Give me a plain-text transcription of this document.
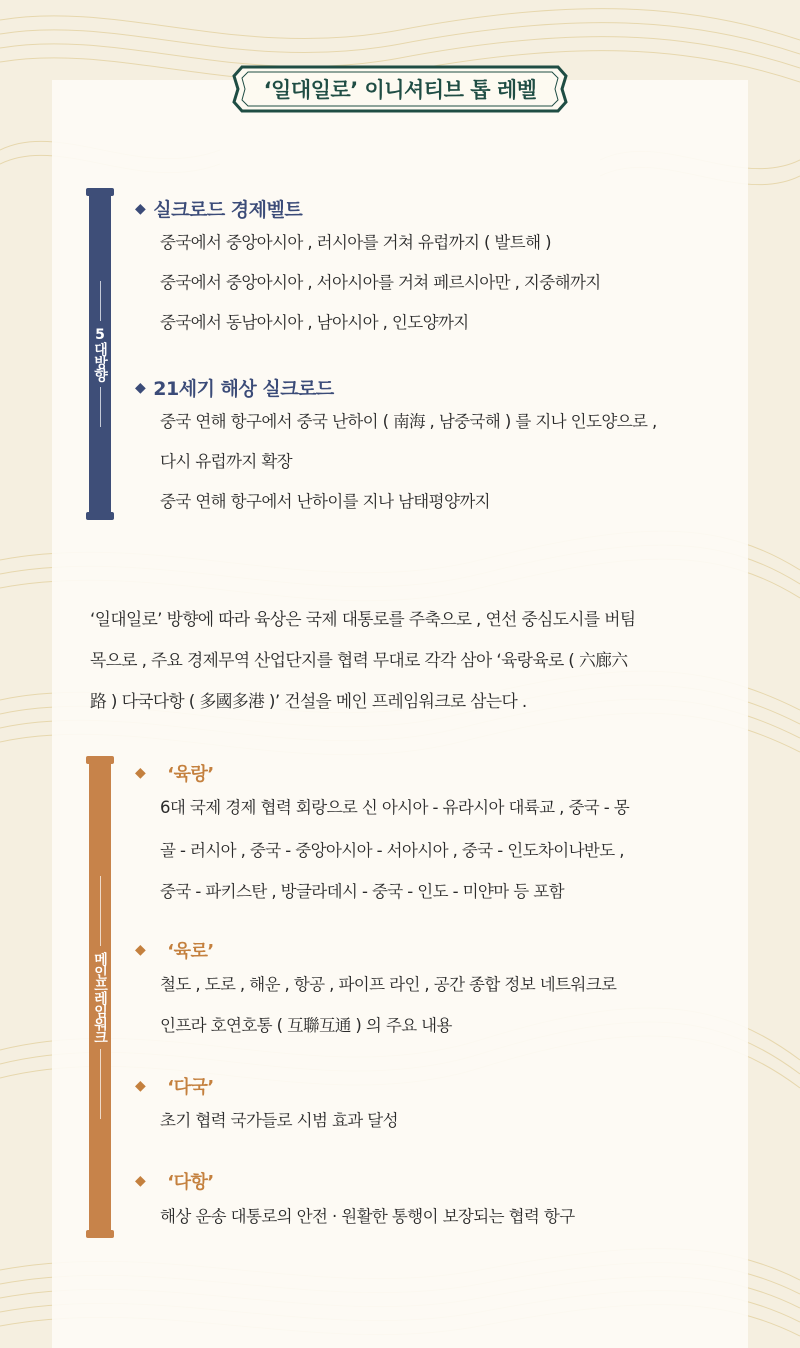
‘일대일로’ 이니셔티브 톱 레벨
5대방향
◆ 실크로드 경제벨트
중국에서 중앙아시아 , 러시아를 거쳐 유럽까지 ( 발트해 )
중국에서 중앙아시아 , 서아시아를 거쳐 페르시아만 , 지중해까지
중국에서 동남아시아 , 남아시아 , 인도양까지
◆ 21세기 해상 실크로드
중국 연해 항구에서 중국 난하이 ( 南海 , 남중국해 ) 를 지나 인도양으로 ,
다시 유럽까지 확장
중국 연해 항구에서 난하이를 지나 남태평양까지
‘일대일로’ 방향에 따라 육상은 국제 대통로를 주축으로 , 연선 중심도시를 버팀
목으로 , 주요 경제무역 산업단지를 협력 무대로 각각 삼아 ‘육랑육로 ( 六廊六
路 ) 다국다항 ( 多國多港 )’ 건설을 메인 프레임워크로 삼는다 .
메인프레임워크
◆ ‘육랑’
6대 국제 경제 협력 회랑으로 신 아시아 - 유라시아 대륙교 , 중국 - 몽
골 - 러시아 , 중국 - 중앙아시아 - 서아시아 , 중국 - 인도차이나반도 ,
중국 - 파키스탄 , 방글라데시 - 중국 - 인도 - 미얀마 등 포함
◆ ‘육로’
철도 , 도로 , 해운 , 항공 , 파이프 라인 , 공간 종합 정보 네트워크로
인프라 호연호통 ( 互聯互通 ) 의 주요 내용
◆ ‘다국’
초기 협력 국가들로 시범 효과 달성
◆ ‘다항’
해상 운송 대통로의 안전 · 원활한 통행이 보장되는 협력 항구
